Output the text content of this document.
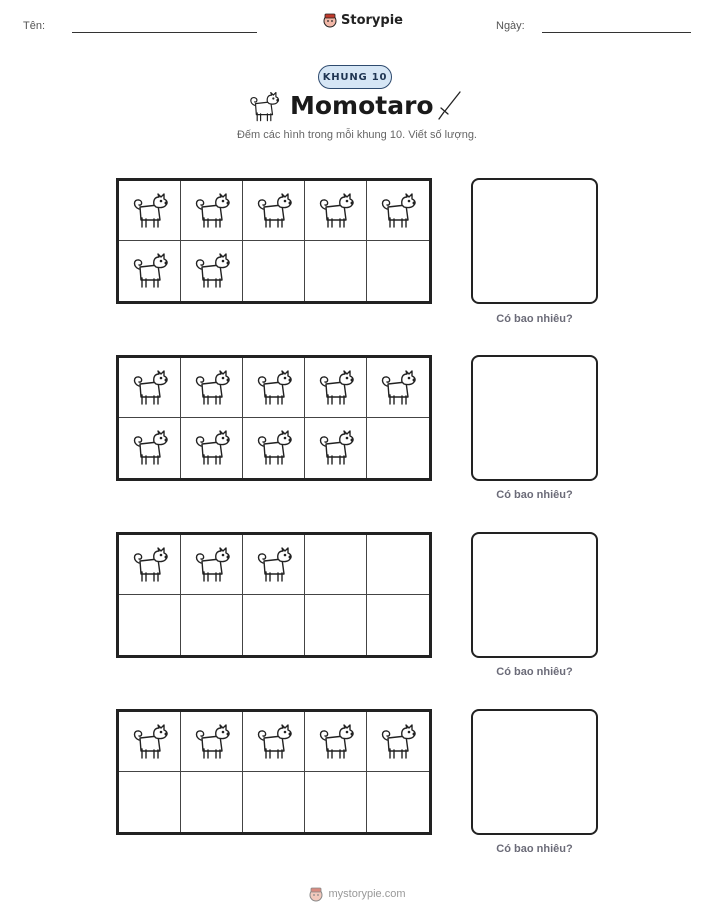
Tên:	Storypie	Ngày:
KHUNG 10
Momotaro
Đếm các hình trong mỗi khung 10. Viết số lượng.
Có bao nhiêu?
Có bao nhiêu?
Có bao nhiêu?
Có bao nhiêu?
mystorypie.com
